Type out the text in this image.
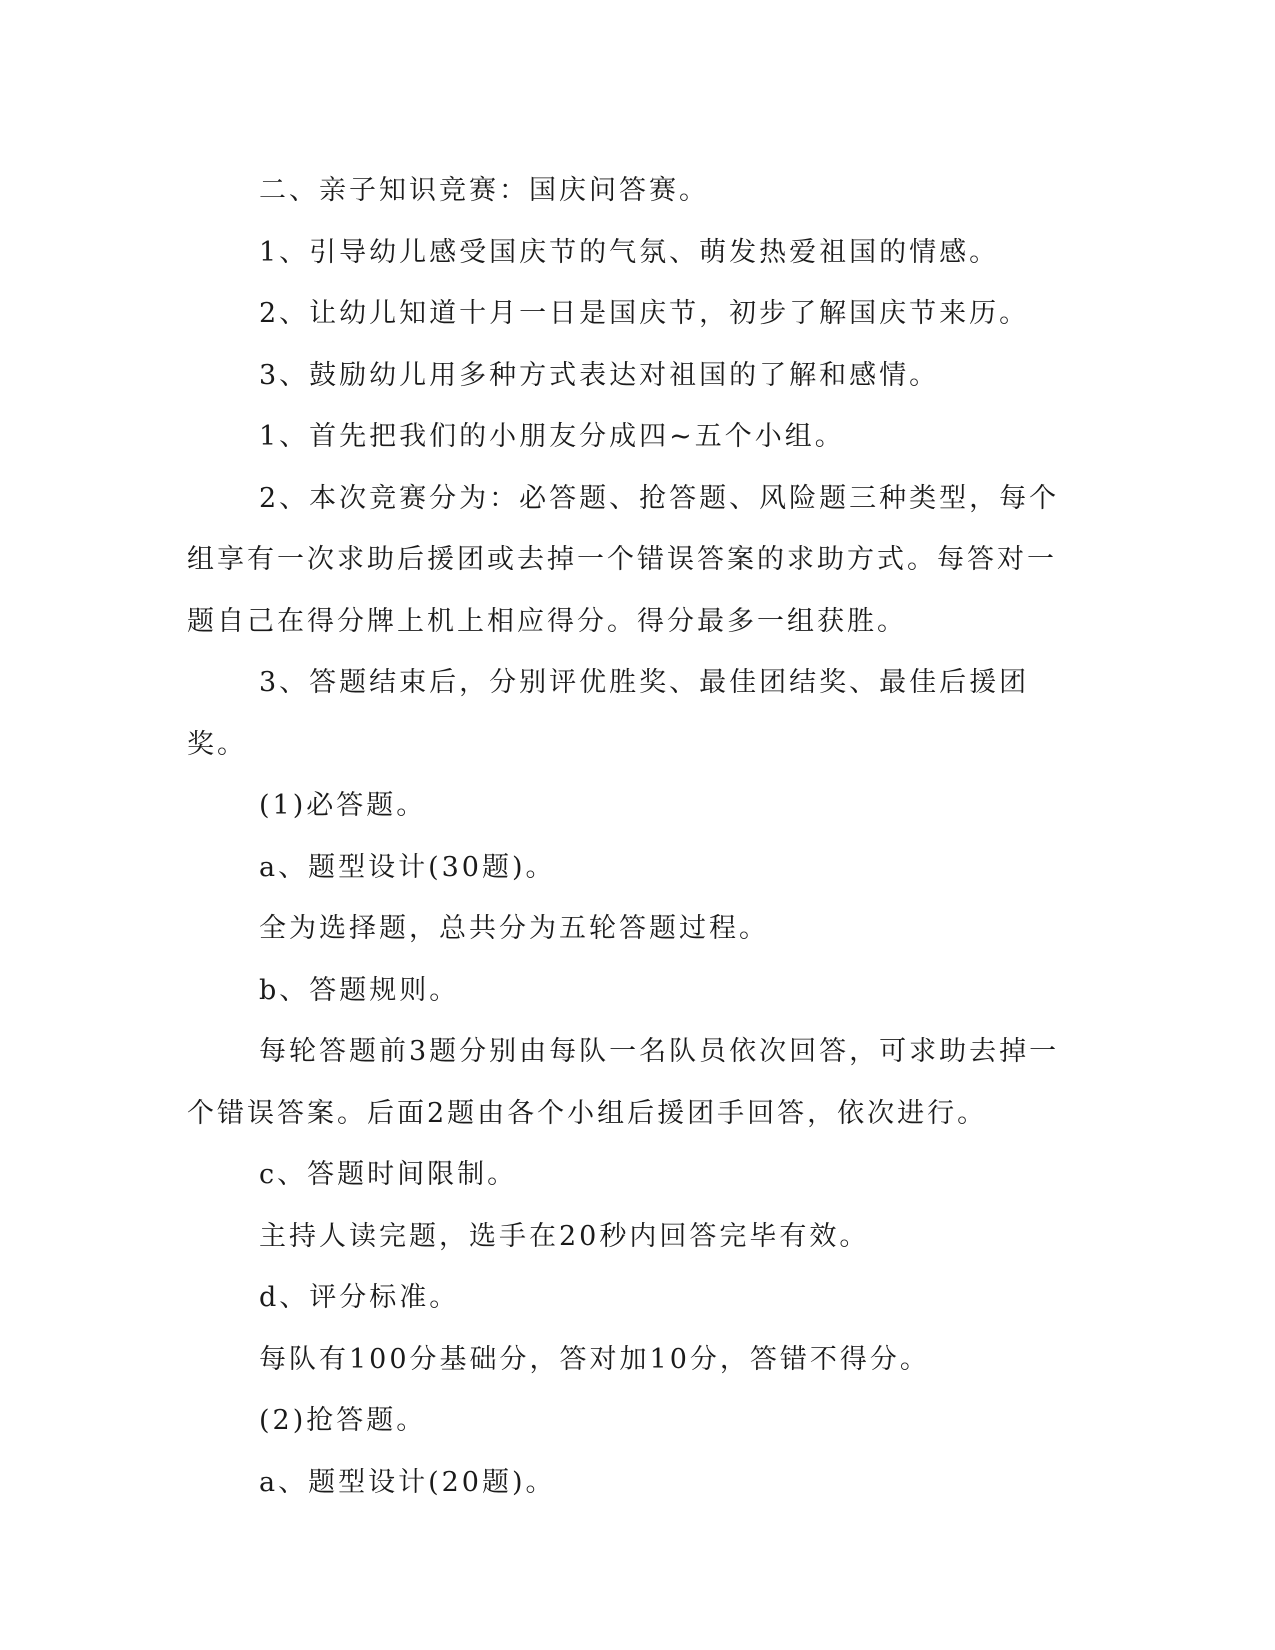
二、亲子知识竞赛：国庆问答赛。

1、引导幼儿感受国庆节的气氛、萌发热爱祖国的情感。

2、让幼儿知道十月一日是国庆节，初步了解国庆节来历。

3、鼓励幼儿用多种方式表达对祖国的了解和感情。

1、首先把我们的小朋友分成四~五个小组。

2、本次竞赛分为：必答题、抢答题、风险题三种类型，每个组享有一次求助后援团或去掉一个错误答案的求助方式。每答对一题自己在得分牌上机上相应得分。得分最多一组获胜。

3、答题结束后，分别评优胜奖、最佳团结奖、最佳后援团奖。

(1)必答题。

a、题型设计(30题)。

全为选择题，总共分为五轮答题过程。

b、答题规则。

每轮答题前3题分别由每队一名队员依次回答，可求助去掉一个错误答案。后面2题由各个小组后援团手回答，依次进行。

c、答题时间限制。

主持人读完题，选手在20秒内回答完毕有效。

d、评分标准。

每队有100分基础分，答对加10分，答错不得分。

(2)抢答题。

a、题型设计(20题)。
